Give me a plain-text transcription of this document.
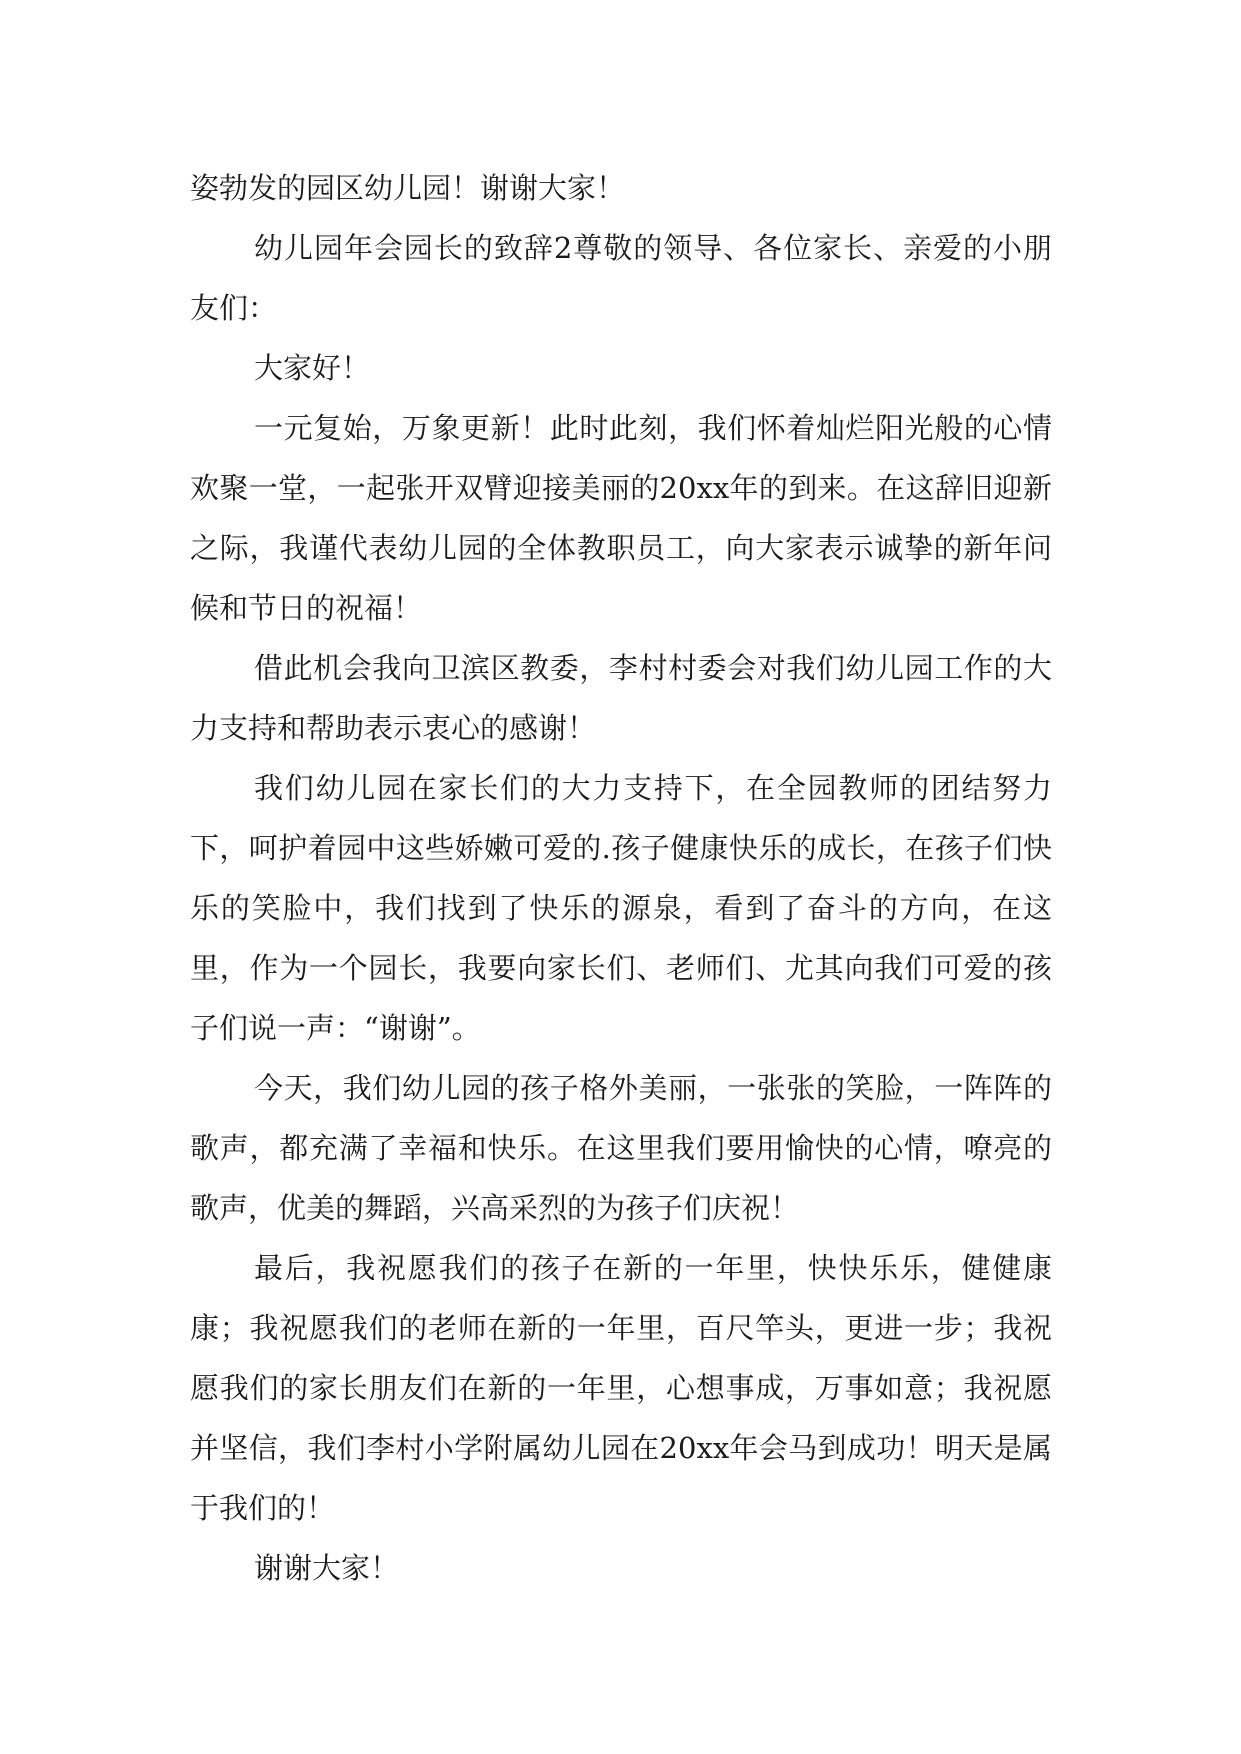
姿勃发的园区幼儿园！谢谢大家！

幼儿园年会园长的致辞2尊敬的领导、各位家长、亲爱的小朋友们：

大家好！

一元复始，万象更新！此时此刻，我们怀着灿烂阳光般的心情欢聚一堂，一起张开双臂迎接美丽的20xx年的到来。在这辞旧迎新之际，我谨代表幼儿园的全体教职员工，向大家表示诚挚的新年问候和节日的祝福！

借此机会我向卫滨区教委，李村村委会对我们幼儿园工作的大力支持和帮助表示衷心的感谢！

我们幼儿园在家长们的大力支持下，在全园教师的团结努力下，呵护着园中这些娇嫩可爱的.孩子健康快乐的成长，在孩子们快乐的笑脸中，我们找到了快乐的源泉，看到了奋斗的方向，在这里，作为一个园长，我要向家长们、老师们、尤其向我们可爱的孩子们说一声：“谢谢”。

今天，我们幼儿园的孩子格外美丽，一张张的笑脸，一阵阵的歌声，都充满了幸福和快乐。在这里我们要用愉快的心情，嘹亮的歌声，优美的舞蹈，兴高采烈的为孩子们庆祝！

最后，我祝愿我们的孩子在新的一年里，快快乐乐，健健康康；我祝愿我们的老师在新的一年里，百尺竿头，更进一步；我祝愿我们的家长朋友们在新的一年里，心想事成，万事如意；我祝愿并坚信，我们李村小学附属幼儿园在20xx年会马到成功！明天是属于我们的！

谢谢大家！
